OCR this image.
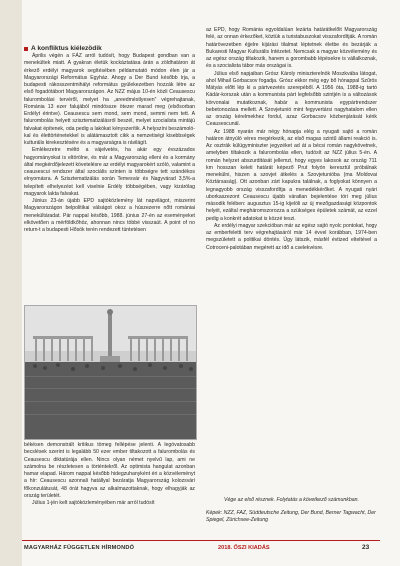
A konfliktus kiélezödik

Április végén a FÁZ arról tudósít, hogy Budapest gondban van a menekültek miatt. A gyakran életük kockáztatása árán a zöldhatáron át érkező erdélyi magyarok segítésében példamutató módon élen jár a Magyarországi Református Egyház. Ahogy a Der Bund később írja, a budapesti rákosszentmihályi református gyülekezetben hozzák létre az első fogadótábort Magyarországon. Az NZZ május 10-én közli Ceausescu falurombolási tervéről, melyet ha „areedméstlyesen” végrehajtanak, Románia 13 ezer falujából mindössze ötezer marad meg (elsősorban Erdélyt érintve). Ceausescu sem mond, sem mond, semmi nem tett. A falurombolás helyett szisztematizálásról beszél, melyet szocialista mintájú falvakat építenek, oda pedig a lakókat kényszerítik. A helyszíni beszámoló-kal és élettörténetekkel is alátámasztott cikk a nemzetiségi kisebbségek kulturális kirekesztésére és a magyarságra is rávilágít.

Emlékezetre méltó a vájelvetés, ha akár egy évszázados hagyományokat is eltörölne, és már a Magyarország elleni és a kormány által megkérdőjelezett követelésre az erdélyi magyarokért szóló, valamint a ceausescui rendszer által szociális szinten is többségre tett szándékos elnyomásra. A Szisztematizálás során Temesvár és Nagyvárad 3,5%-a telepített elhelyezést kell viselnie Erdély többségében, vagy kizárólag magyarok lakta falvakat.

Június 23-án újabb EPD sajtóközlemény lát napvilágot, miszerint Magyarországon belpolitikai válságot okoz a húszezerre nőtt romániai menekültáradat. Pár nappal később, 1988. június 27-én az eseményeket elkövetően a mérföldkőhöz, ahonnan nincs többé visszaút. A point of no return-t a budapesti Hősök terén rendezett tüntetésen

békésen demonstrált kritikus tömeg fellépése jelenti. A legóvatosabb becslések szerint is legalább 50 ezer ember tiltakozott a falurombolás és Ceausescu diktatúrája ellen. Nincs olyan német nyelvű lap, ami ne számolna be részletesen a történtekről. Az optimista hangulat azonban hamar elapad. Három nappal később hidegzuhanyként éri a közvéleményt a hír: Ceausescu azonnali hatállyal bezáratja Magyarország kolozsvári főkonzulátusát, 48 órát hagyva az alkalmazottaknak, hogy elhagyják az ország területét.

Július 1-jén kelt sajtóközleményében már arról tudósít

az EPD, hogy Románia egyoldalúan lezárta határátkelőit Magyarország felé, az onnan érkezőket, köztük a turistabuszokat visszafordítják. A román határövezetben éjjelre kijárási tilalmat léptetnek életbe és bezárják a Bukaresti Magyar Kulturális Intézetet. Nemcsak a magyar közvélemény és az egész ország tiltakozik, hanem a gorombabb lépésekre is vállalkoznak, és a szocialista tábor más országai is.

Július első napjaiban Grósz Károly miniszterelnök Moszkvába látogat, ahol Mihail Gorbacsov fogadja. Grósz ekkor még egy bő hónappal Szűrös Mátyás előtt lép ki a pártvezetés szerepéből. A 1956 óta, 1988-ig tartó Kádár-korszak után a kommunista párt legfelsőbb szintjén is a változások körvonalai mutatkoznak, habár a kommunista egypártrendszer bebetonozása mellett. A Szovjetunió mint fegyvertársi nagyhatalom ellen az ország kérelmekhez fordul, azaz Gorbacsov közbenjárását kérik Ceausescunál.

Az 1988 nyarán már négy hónapja elég a nyugati sajtó a román határon átnyúló véres megérkezik, az első magas szintű állami reakció is. Az osztrák külügyminiszter jegyzéket ad át a bécsi román nagykövetnek, amelyben tiltakozik a falurombolás ellen, tudósít az NZZ július 5-én. A román helyzet abszurditását jellemzi, hogy egyes lakosok az ország 711 km hosszan keleti határát képező Prut folyón keresztül próbálnak menekülni, hiszen a szovjet átkelés a Szovjetunióba (ma Moldovai Köztársaság). Ott azonban zárt kapukra találnak, a foglyokat könnyen a legnagyobb ország visszafordítja a menedékkérőket. A nyugati nyári uborkaszezont Ceausescu újabb váratlan bejelentése töri meg július második felében: augusztus 15-ig kijelöli az új mezőgazdasági központok helyét, ezáltal megháromszorozza a szükséges épületek számát, az ezzel pedig a konkrét adatokat is közzé teszi.

Az erdélyi magyar szekcióban már az egész sajtó nyolc pontokat, hogy az emberfeletti terv végrehajtásáról már 14 évvel korábban, 1974-ben megszületett a politikai döntés. Úgy látszik, másfél évtized elteltével a Cotroceni-palotában megérett az idő a cselekvésre.

Vége az első résznek. Folytatás a következő számunkban.
Képek: NZZ, FAZ, Süddeutsche Zeitung, Der Bund, Berner Tagwacht, Der Spiegel, Zürichsee-Zeitung
MAGYARHÁZ FÜGGETLEN HÍRMONDÓ	2018. ŐSZI KIADÁS	23
